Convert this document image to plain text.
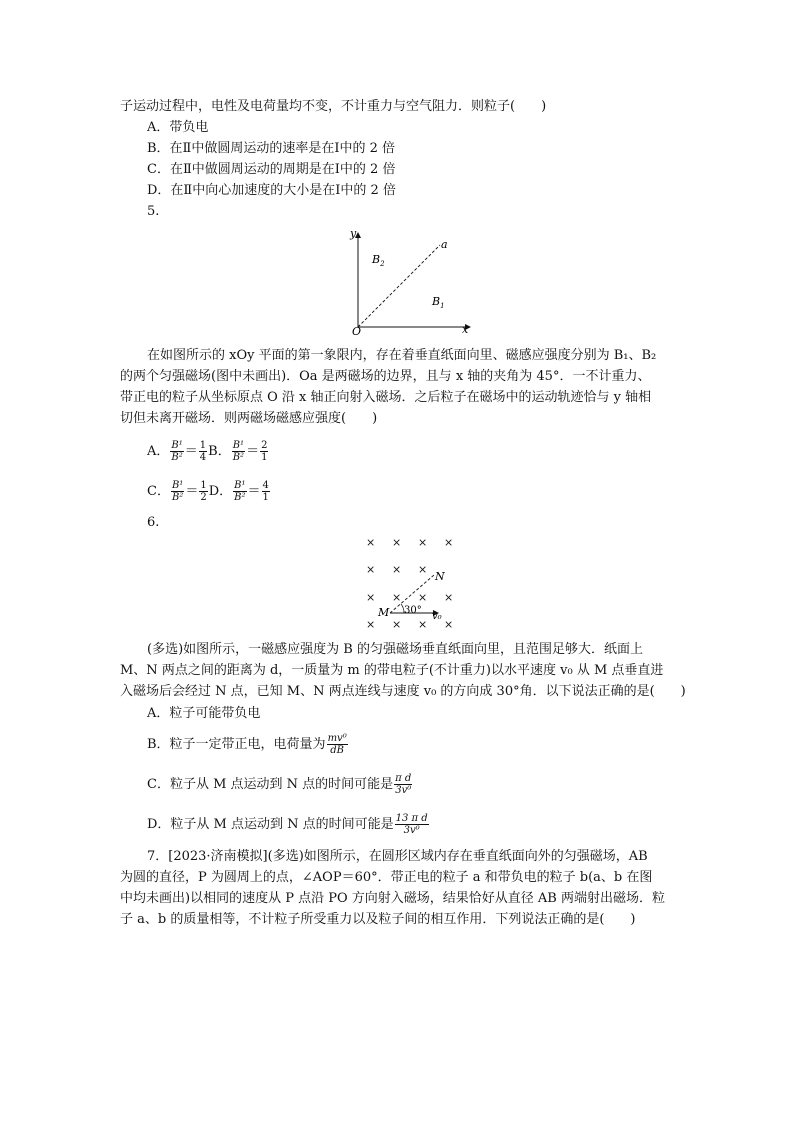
子运动过程中，电性及电荷量均不变，不计重力与空气阻力．则粒子(　　)
A．带负电
B．在Ⅱ中做圆周运动的速率是在Ⅰ中的 2 倍
C．在Ⅱ中做圆周运动的周期是在Ⅰ中的 2 倍
D．在Ⅱ中向心加速度的大小是在Ⅰ中的 2 倍
5.
y
x
O
a
$B_2$
$B_1$
在如图所示的 xOy 平面的第一象限内，存在着垂直纸面向里、磁感应强度分别为 B₁、B₂
的两个匀强磁场(图中未画出)．Oa 是两磁场的边界，且与 x 轴的夹角为 45°．一不计重力、
带正电的粒子从坐标原点 O 沿 x 轴正向射入磁场．之后粒子在磁场中的运动轨迹恰与 y 轴相
切但未离开磁场．则两磁场磁感应强度(　　)
A． $\frac{\text{B¹}}{\text{B²}} = \frac{1}{4}$ B． $\frac{\text{B¹}}{\text{B²}} = \frac{2}{1}$
C． $\frac{\text{B¹}}{\text{B²}} = \frac{1}{2}$ D． $\frac{\text{B¹}}{\text{B²}} = \frac{4}{1}$
6.
× × × ×
× × ×
× × × ×
× × × ×
N
M 30°
v₀
(多选)如图所示，一磁感应强度为 B 的匀强磁场垂直纸面向里，且范围足够大．纸面上
M、N 两点之间的距离为 d，一质量为 m 的带电粒子(不计重力)以水平速度 v₀ 从 M 点垂直进
入磁场后会经过 N 点，已知 M、N 两点连线与速度 v₀ 的方向成 30°角．以下说法正确的是(　　)
A．粒子可能带负电
B．粒子一定带正电，电荷量为 $\frac{\text{mv⁰}}{dB}$
C．粒子从 M 点运动到 N 点的时间可能是 $\frac{\text{π d}}{\text{3v⁰}}$
D．粒子从 M 点运动到 N 点的时间可能是 $\frac{\text{13 π d}}{\text{3v⁰}}$
7．[2023·济南模拟](多选)如图所示，在圆形区域内存在垂直纸面向外的匀强磁场，AB
为圆的直径，P 为圆周上的点，∠AOP＝60°．带正电的粒子 a 和带负电的粒子 b(a、b 在图
中均未画出)以相同的速度从 P 点沿 PO 方向射入磁场，结果恰好从直径 AB 两端射出磁场．粒
子 a、b 的质量相等，不计粒子所受重力以及粒子间的相互作用．下列说法正确的是(　　)
